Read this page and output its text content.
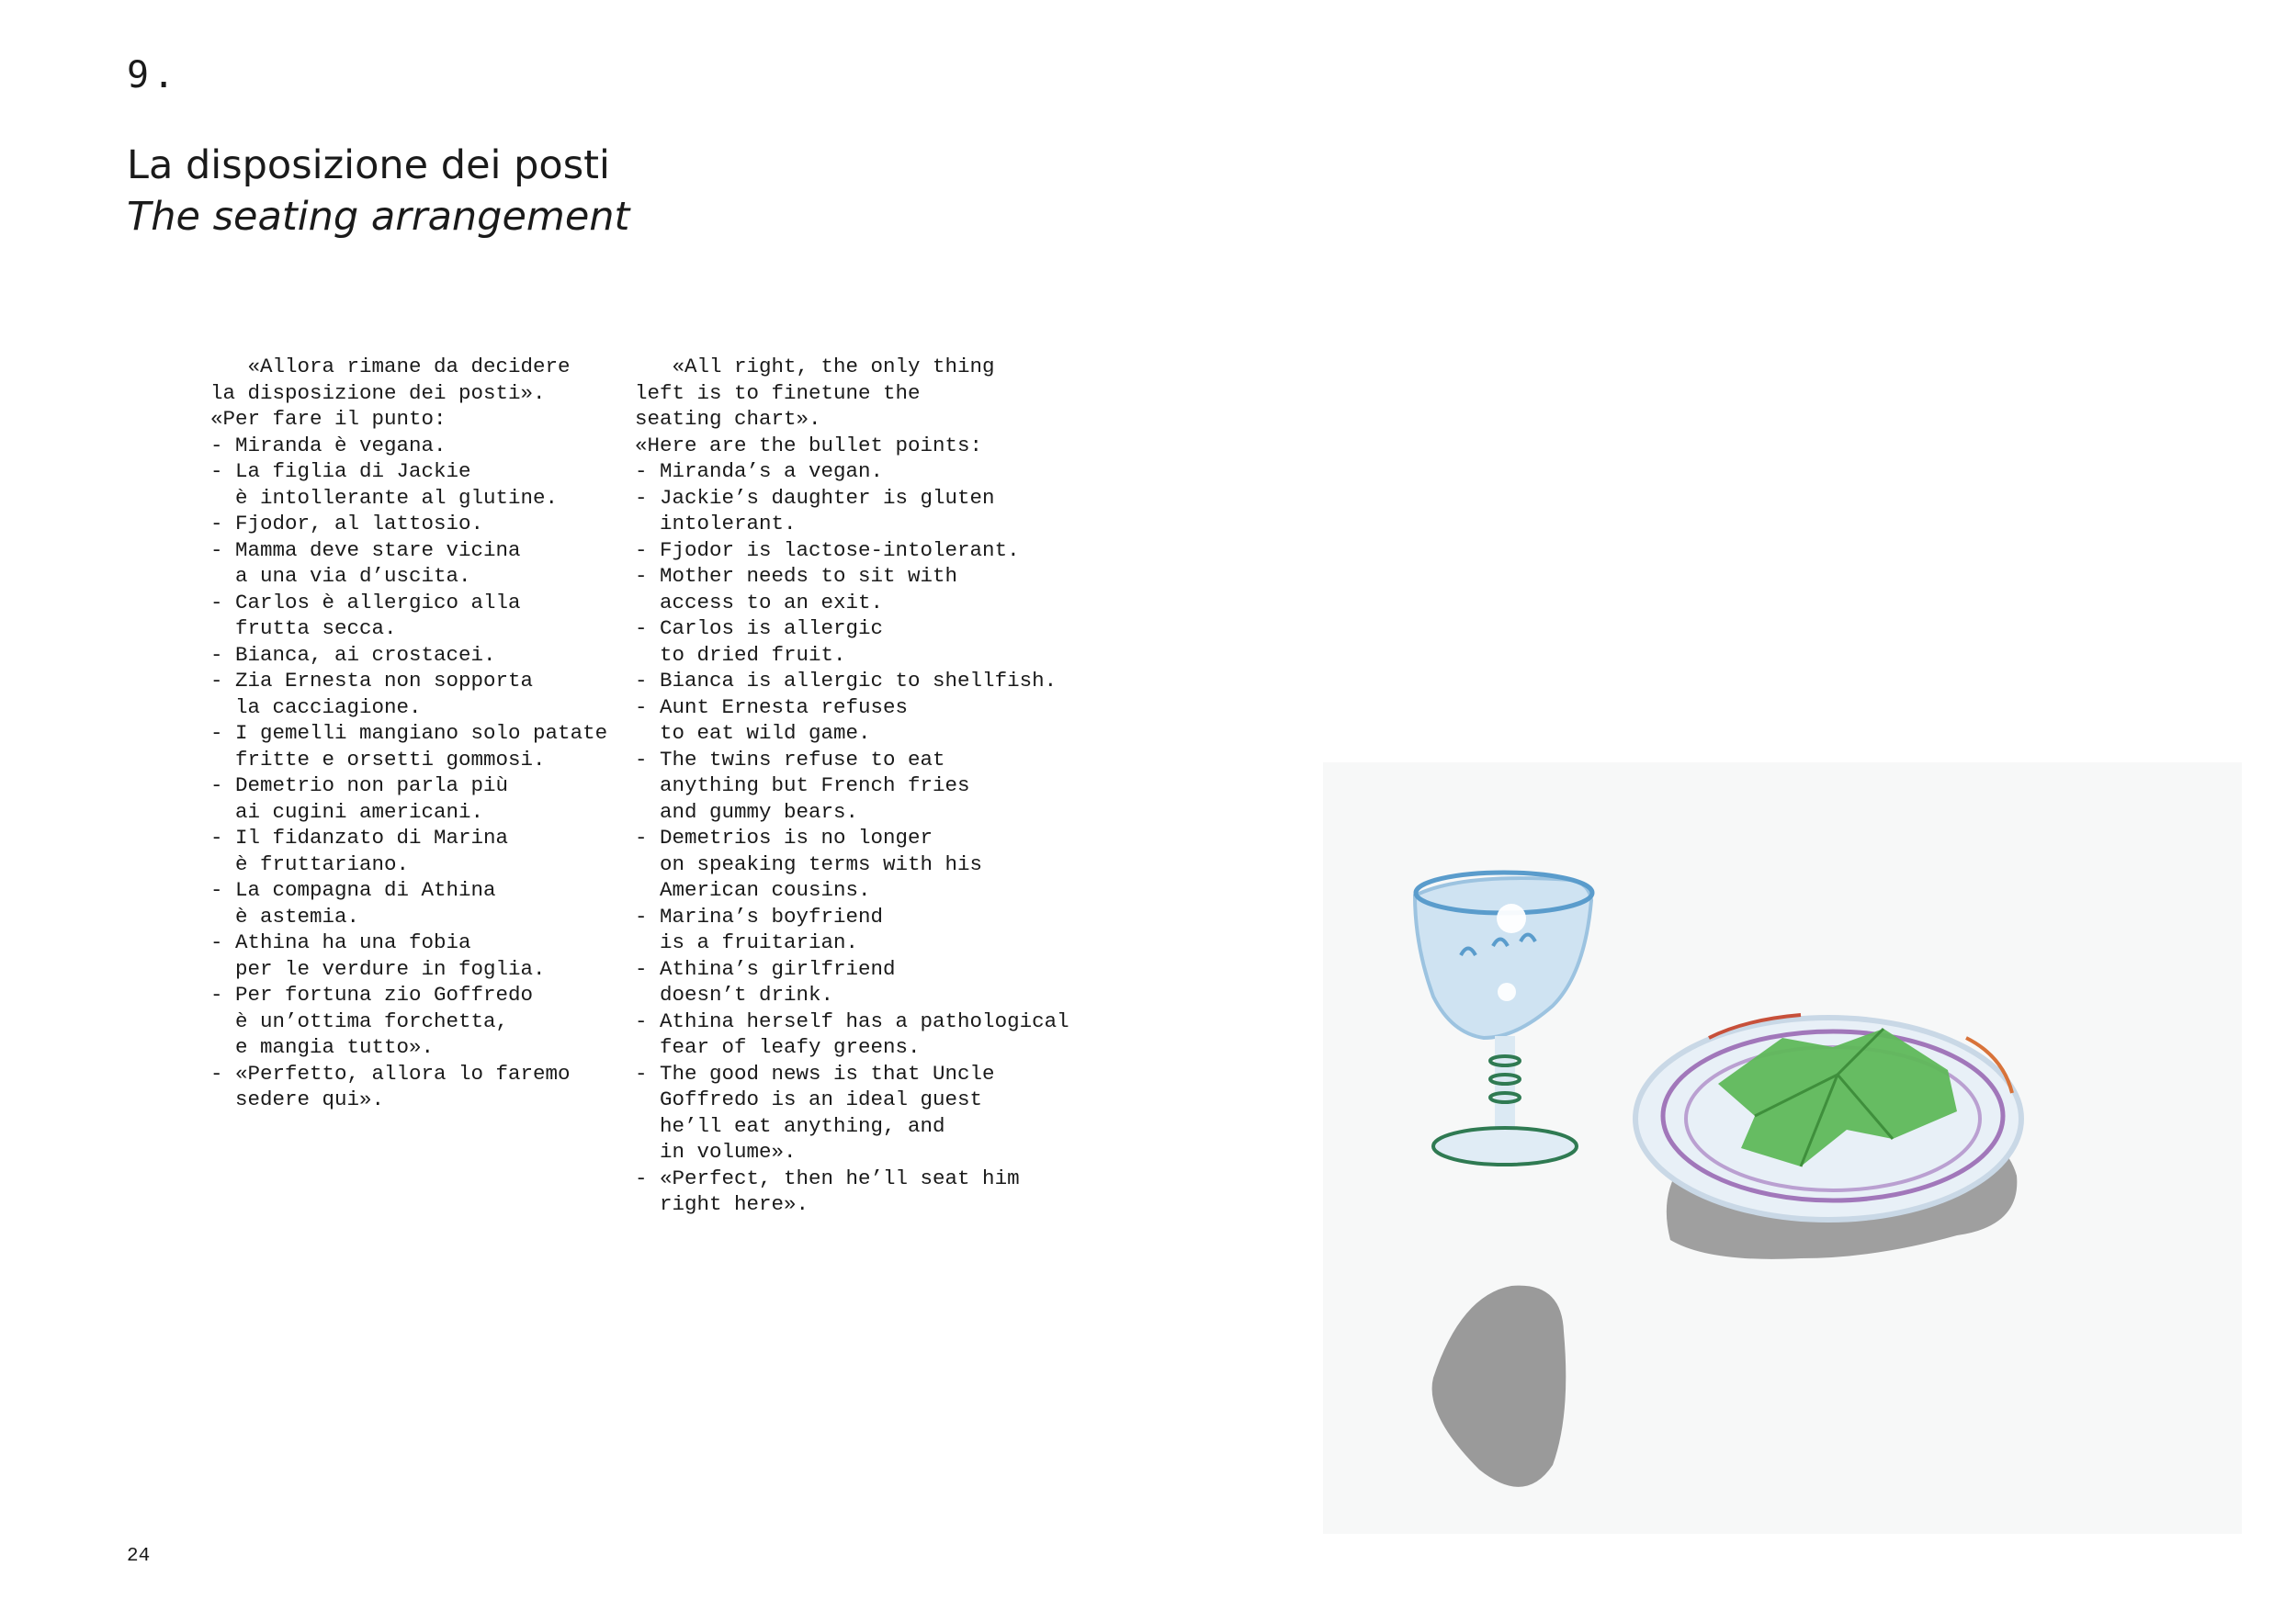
9.
La disposizione dei posti
The seating arrangement
«Allora rimane da decidere
la disposizione dei posti».
«Per fare il punto:
- Miranda è vegana.
- La figlia di Jackie
è intollerante al glutine.
- Fjodor, al lattosio.
- Mamma deve stare vicina
a una via d’uscita.
- Carlos è allergico alla
frutta secca.
- Bianca, ai crostacei.
- Zia Ernesta non sopporta
la cacciagione.
- I gemelli mangiano solo patate
fritte e orsetti gommosi.
- Demetrio non parla più
ai cugini americani.
- Il fidanzato di Marina
è fruttariano.
- La compagna di Athina
è astemia.
- Athina ha una fobia
per le verdure in foglia.
- Per fortuna zio Goffredo
è un’ottima forchetta,
e mangia tutto».
- «Perfetto, allora lo faremo
sedere qui».
«All right, the only thing
left is to finetune the
seating chart».
«Here are the bullet points:
- Miranda’s a vegan.
- Jackie’s daughter is gluten
intolerant.
- Fjodor is lactose-intolerant.
- Mother needs to sit with
access to an exit.
- Carlos is allergic
to dried fruit.
- Bianca is allergic to shellfish.
- Aunt Ernesta refuses
to eat wild game.
- The twins refuse to eat
anything but French fries
and gummy bears.
- Demetrios is no longer
on speaking terms with his
American cousins.
- Marina’s boyfriend
is a fruitarian.
- Athina’s girlfriend
doesn’t drink.
- Athina herself has a pathological
fear of leafy greens.
- The good news is that Uncle
Goffredo is an ideal guest
he’ll eat anything, and
in volume».
- «Perfect, then he’ll seat him
right here».
24
